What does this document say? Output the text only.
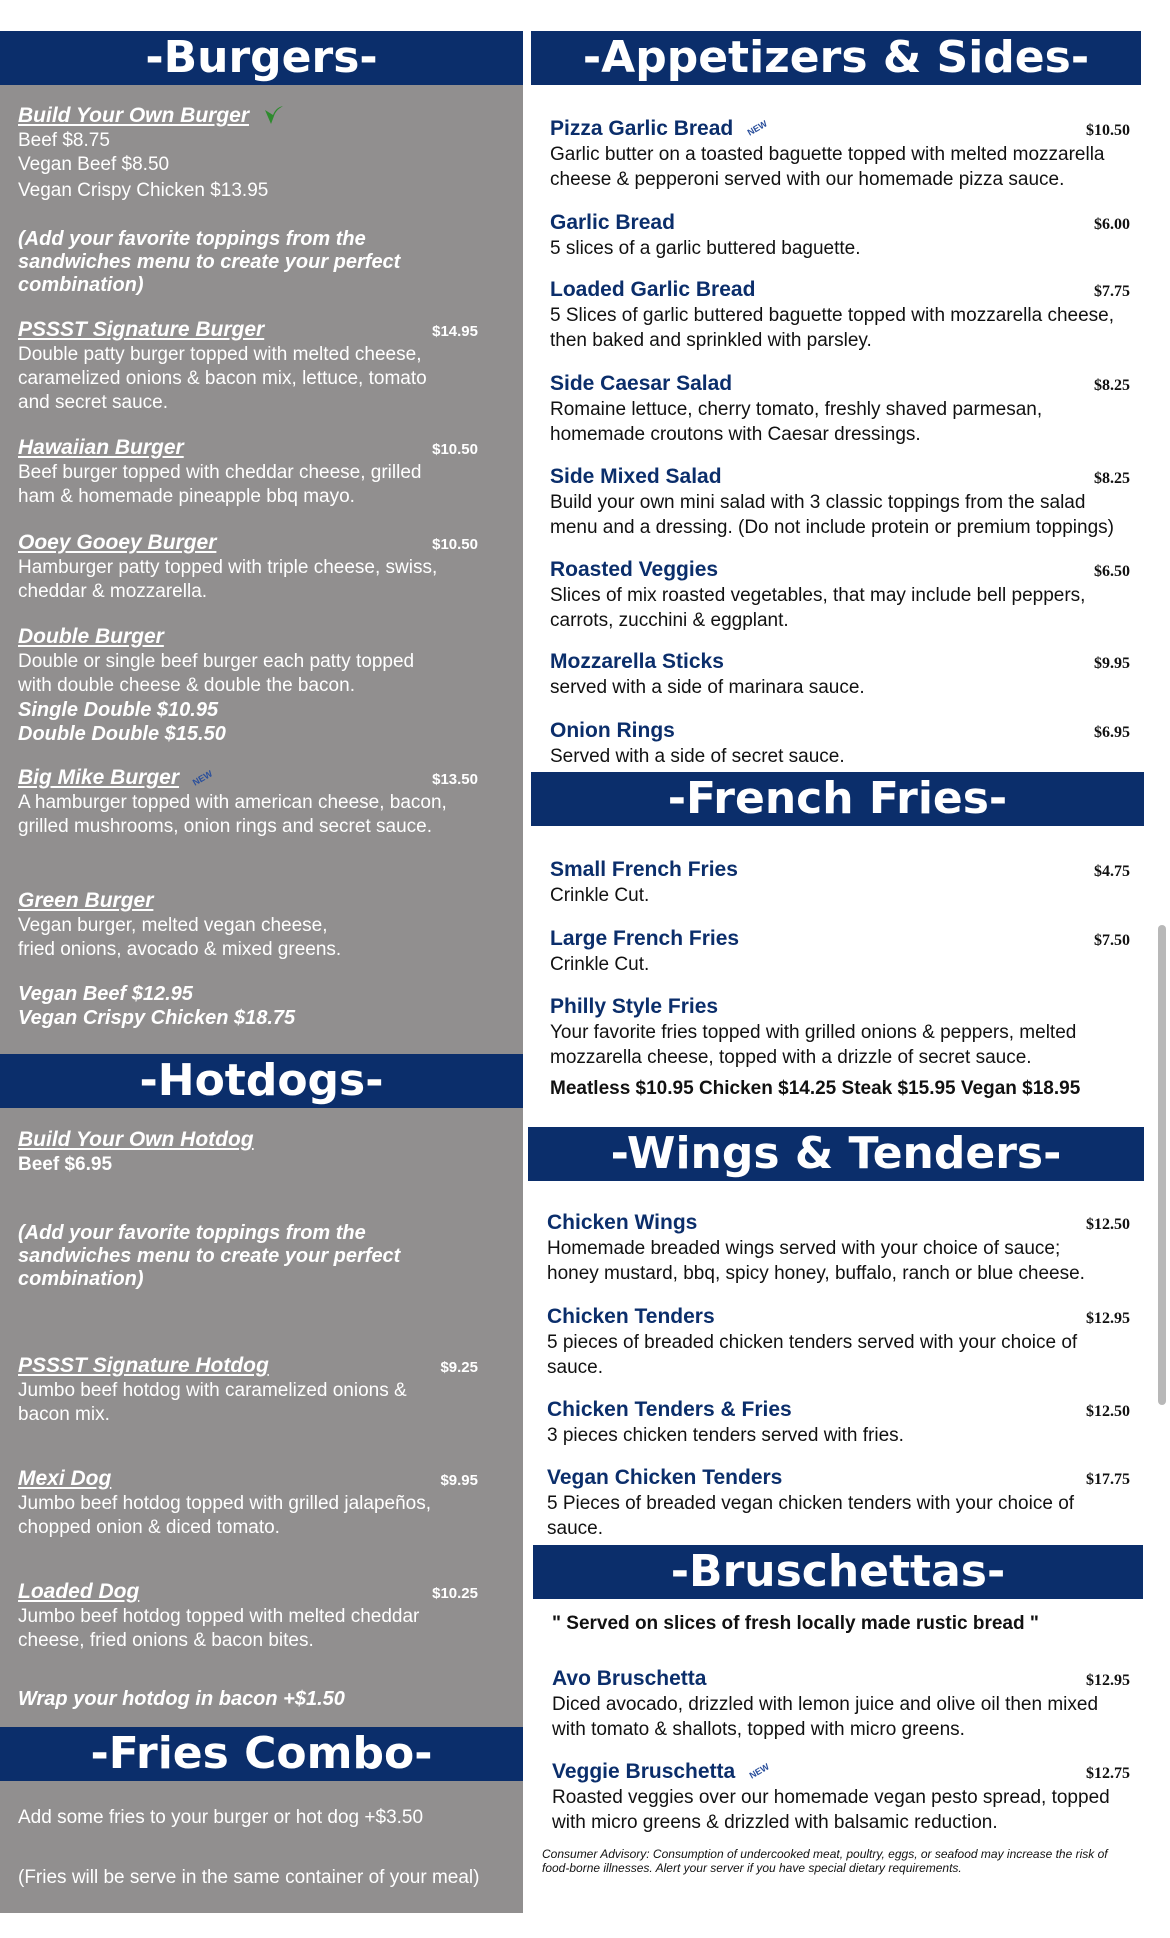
-Burgers-
Build Your Own Burger
Beef $8.75
Vegan Beef $8.50
Vegan Crispy Chicken $13.95
(Add your favorite toppings from the sandwiches menu to create your perfect combination)
PSSST Signature Burger	$14.95
Double patty burger topped with melted cheese, caramelized onions & bacon mix, lettuce, tomato and secret sauce.
Hawaiian Burger	$10.50
Beef burger topped with cheddar cheese, grilled ham & homemade pineapple bbq mayo.
Ooey Gooey Burger	$10.50
Hamburger patty topped with triple cheese, swiss, cheddar & mozzarella.
Double Burger
Double or single beef burger each patty topped with double cheese & double the bacon.
Single Double $10.95
Double Double $15.50
Big Mike Burger NEW	$13.50
A hamburger topped with american cheese, bacon, grilled mushrooms, onion rings and secret sauce.
Green Burger
Vegan burger, melted vegan cheese, fried onions, avocado & mixed greens.
Vegan Beef $12.95
Vegan Crispy Chicken $18.75
-Hotdogs-
Build Your Own Hotdog
Beef $6.95
(Add your favorite toppings from the sandwiches menu to create your perfect combination)
PSSST Signature Hotdog	$9.25
Jumbo beef hotdog with caramelized onions & bacon mix.
Mexi Dog	$9.95
Jumbo beef hotdog topped with grilled jalapeños, chopped onion & diced tomato.
Loaded Dog	$10.25
Jumbo beef hotdog topped with melted cheddar cheese, fried onions & bacon bites.
Wrap your hotdog in bacon +$1.50
-Fries Combo-
Add some fries to your burger or hot dog +$3.50
(Fries will be serve in the same container of your meal)
-Appetizers & Sides-
Pizza Garlic Bread NEW	$10.50
Garlic butter on a toasted baguette topped with melted mozzarella cheese & pepperoni served with our homemade pizza sauce.
Garlic Bread	$6.00
5 slices of a garlic buttered baguette.
Loaded Garlic Bread	$7.75
5 Slices of garlic buttered baguette topped with mozzarella cheese, then baked and sprinkled with parsley.
Side Caesar Salad	$8.25
Romaine lettuce, cherry tomato, freshly shaved parmesan, homemade croutons with Caesar dressings.
Side Mixed Salad	$8.25
Build your own mini salad with 3 classic toppings from the salad menu and a dressing. (Do not include protein or premium toppings)
Roasted Veggies	$6.50
Slices of mix roasted vegetables, that may include bell peppers, carrots, zucchini & eggplant.
Mozzarella Sticks	$9.95
served with a side of marinara sauce.
Onion Rings	$6.95
Served with a side of secret sauce.
-French Fries-
Small French Fries	$4.75
Crinkle Cut.
Large French Fries	$7.50
Crinkle Cut.
Philly Style Fries
Your favorite fries topped with grilled onions & peppers, melted mozzarella cheese, topped with a drizzle of secret sauce.
Meatless $10.95 Chicken $14.25 Steak $15.95 Vegan $18.95
-Wings & Tenders-
Chicken Wings	$12.50
Homemade breaded wings served with your choice of sauce; honey mustard, bbq, spicy honey, buffalo, ranch or blue cheese.
Chicken Tenders	$12.95
5 pieces of breaded chicken tenders served with your choice of sauce.
Chicken Tenders & Fries	$12.50
3 pieces chicken tenders served with fries.
Vegan Chicken Tenders	$17.75
5 Pieces of breaded vegan chicken tenders with your choice of sauce.
-Bruschettas-
" Served on slices of fresh locally made rustic bread "
Avo Bruschetta	$12.95
Diced avocado, drizzled with lemon juice and olive oil then mixed with tomato & shallots, topped with micro greens.
Veggie Bruschetta NEW	$12.75
Roasted veggies over our homemade vegan pesto spread, topped with micro greens & drizzled with balsamic reduction.
Consumer Advisory: Consumption of undercooked meat, poultry, eggs, or seafood may increase the risk of food-borne illnesses. Alert your server if you have special dietary requirements.
